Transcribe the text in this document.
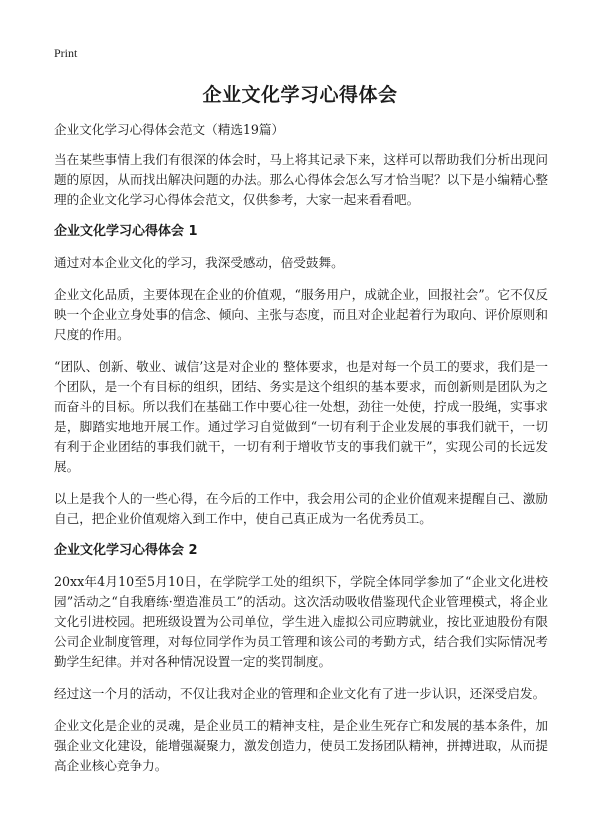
Print
企业文化学习心得体会
企业文化学习心得体会范文（精选19篇）

当在某些事情上我们有很深的体会时，马上将其记录下来，这样可以帮助我们分析出现问题的原因，从而找出解决问题的办法。那么心得体会怎么写才恰当呢？以下是小编精心整理的企业文化学习心得体会范文，仅供参考，大家一起来看看吧。

企业文化学习心得体会 1

通过对本企业文化的学习，我深受感动，倍受鼓舞。

企业文化品质，主要体现在企业的价值观，“服务用户，成就企业，回报社会”。它不仅反映一个企业立身处事的信念、倾向、主张与态度，而且对企业起着行为取向、评价原则和尺度的作用。

“团队、创新、敬业、诚信’这是对企业的 整体要求，也是对每一个员工的要求，我们是一个团队，是一个有目标的组织，团结、务实是这个组织的基本要求，而创新则是团队为之而奋斗的目标。所以我们在基础工作中要心往一处想，劲往一处使，拧成一股绳，实事求是，脚踏实地地开展工作。通过学习自觉做到“一切有利于企业发展的事我们就干，一切有利于企业团结的事我们就干，一切有利于增收节支的事我们就干”，实现公司的长远发展。

以上是我个人的一些心得，在今后的工作中，我会用公司的企业价值观来提醒自己、激励自己，把企业价值观熔入到工作中，使自己真正成为一名优秀员工。

企业文化学习心得体会 2

20xx年4月10至5月10日，在学院学工处的组织下，学院全体同学参加了“企业文化进校园”活动之“自我磨练·塑造准员工”的活动。这次活动吸收借鉴现代企业管理模式，将企业文化引进校园。把班级设置为公司单位，学生进入虚拟公司应聘就业，按比亚迪股份有限公司企业制度管理，对每位同学作为员工管理和该公司的考勤方式，结合我们实际情况考勤学生纪律。并对各种情况设置一定的奖罚制度。

经过这一个月的活动，不仅让我对企业的管理和企业文化有了进一步认识，还深受启发。

企业文化是企业的灵魂，是企业员工的精神支柱，是企业生死存亡和发展的基本条件，加强企业文化建设，能增强凝聚力，激发创造力，使员工发扬团队精神，拼搏进取，从而提高企业核心竞争力。
